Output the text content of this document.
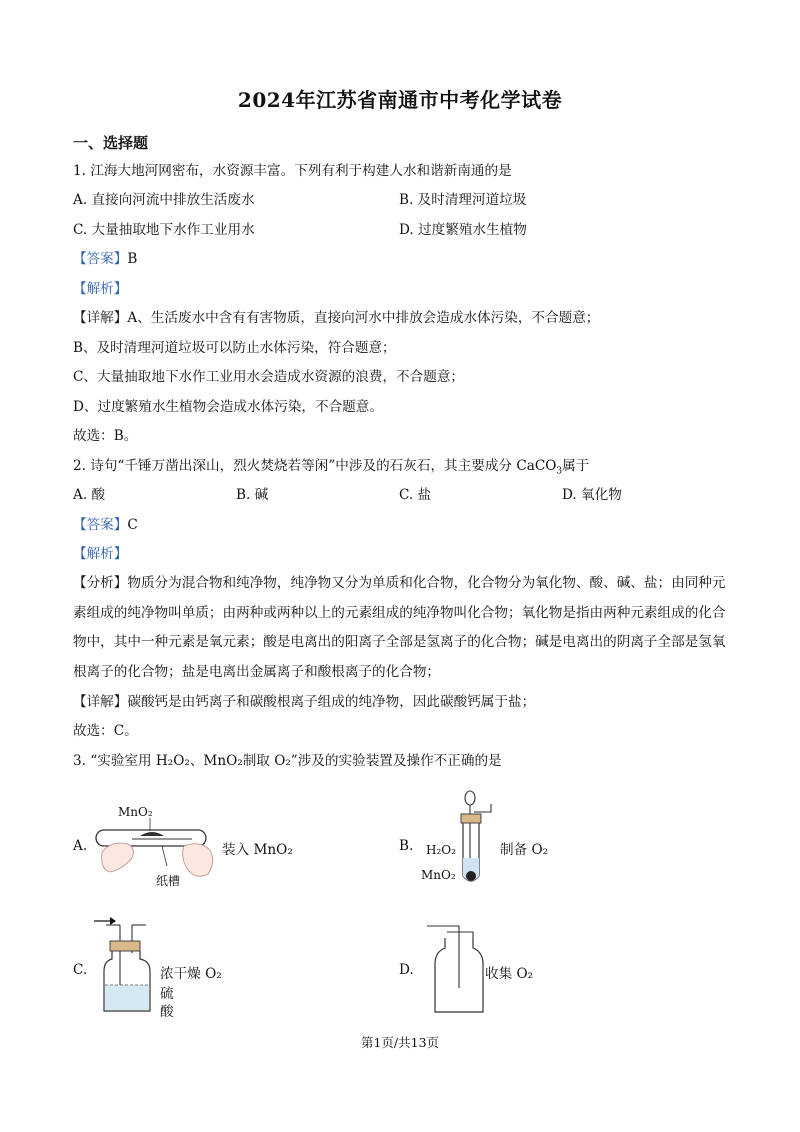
2024年江苏省南通市中考化学试卷
一、选择题
1. 江海大地河网密布，水资源丰富。下列有利于构建人水和谐新南通的是
A. 直接向河流中排放生活废水	B. 及时清理河道垃圾
C. 大量抽取地下水作工业用水	D. 过度繁殖水生植物
【答案】B
【解析】
【详解】A、生活废水中含有有害物质，直接向河水中排放会造成水体污染，不合题意；
B、及时清理河道垃圾可以防止水体污染，符合题意；
C、大量抽取地下水作工业用水会造成水资源的浪费，不合题意；
D、过度繁殖水生植物会造成水体污染，不合题意。
故选：B。
2. 诗句“千锤万凿出深山，烈火焚烧若等闲”中涉及的石灰石，其主要成分 CaCO$_3$属于
A. 酸	B. 碱	C. 盐	D. 氧化物
【答案】C
【解析】
【分析】物质分为混合物和纯净物，纯净物又分为单质和化合物，化合物分为氧化物、酸、碱、盐；由同种元素组成的纯净物叫单质；由两种或两种以上的元素组成的纯净物叫化合物；氧化物是指由两种元素组成的化合物中，其中一种元素是氧元素；酸是电离出的阳离子全部是氢离子的化合物；碱是电离出的阴离子全部是氢氧根离子的化合物；盐是电离出金属离子和酸根离子的化合物；
【详解】碳酸钙是由钙离子和碳酸根离子组成的纯净物，因此碳酸钙属于盐；
故选：C。
3. “实验室用 H₂O₂、MnO₂制取 O₂”涉及的实验装置及操作不正确的是
A.
MnO₂
纸槽
装入 MnO₂	B. H₂O₂
MnO₂
制备 O₂
C.	浓干燥 O₂
硫
酸
D.	收集 O₂
第1页/共13页
